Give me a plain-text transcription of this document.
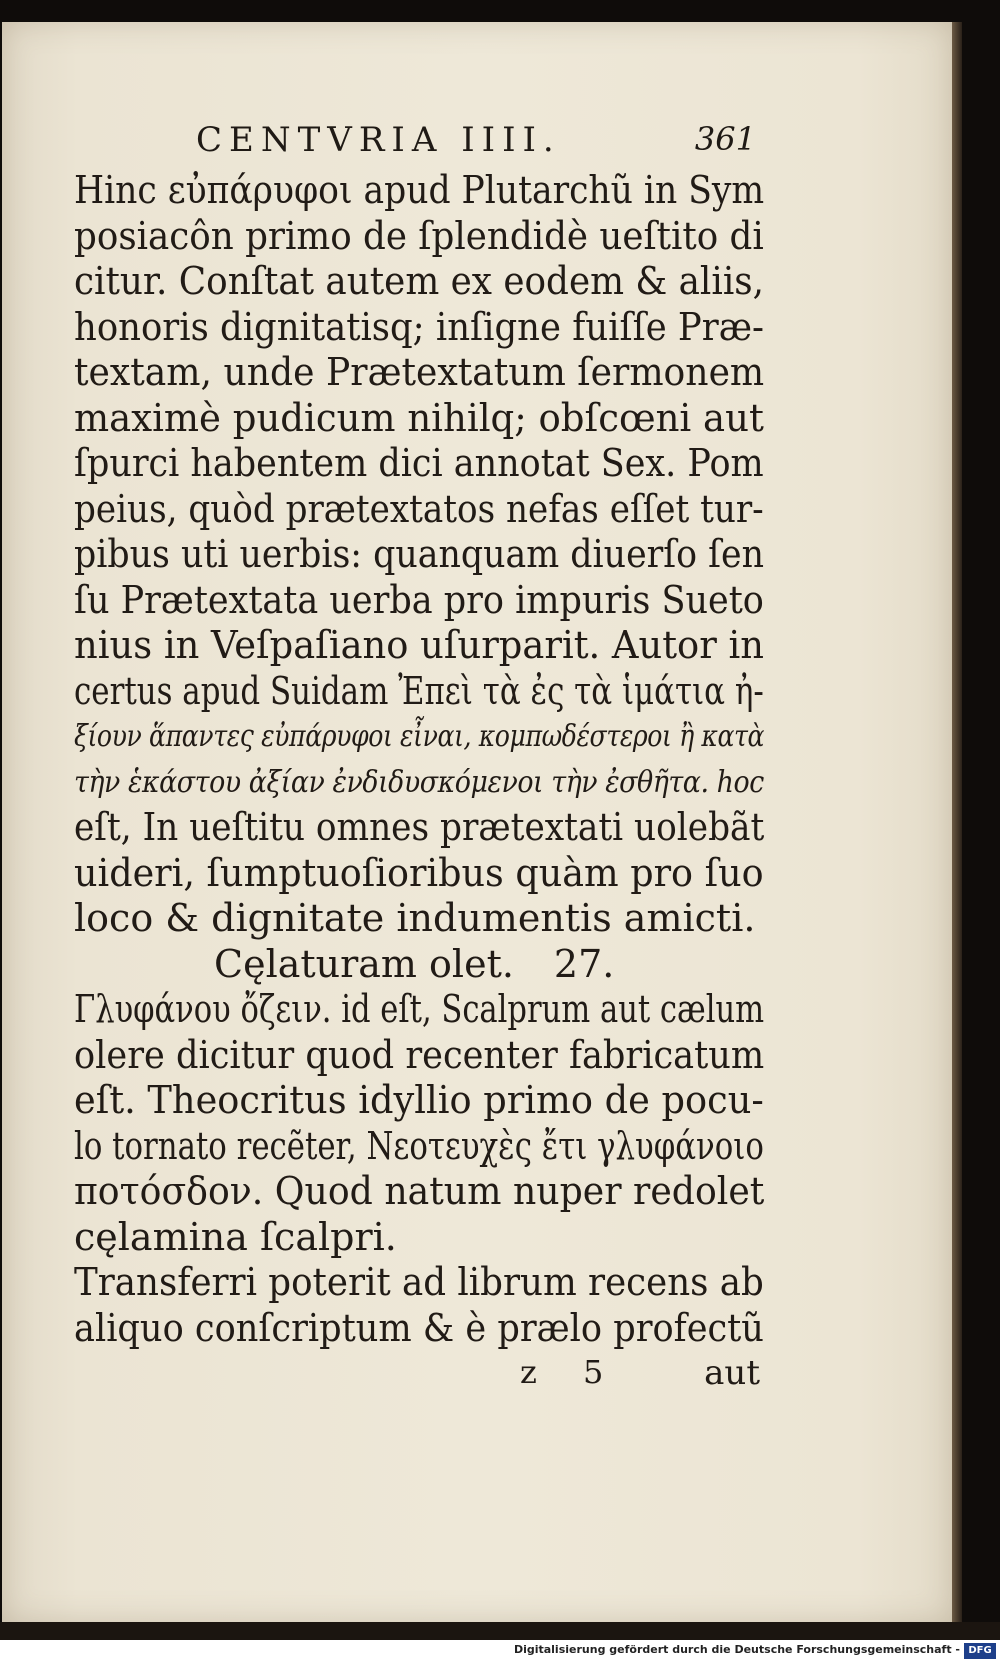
CENTVRIA IIII.	361
Hinc εὐπάρυφοι apud Plutarchũ in Sym
posiacôn primo de ſplendidè ueſtito di
citur. Conſtat autem ex eodem & aliis,
honoris dignitatisq; inſigne fuiſſe Præ-
textam, unde Prætextatum ſermonem
maximè pudicum nihilq; obſcœni aut
ſpurci habentem dici annotat Sex. Pom
peius, quòd prætextatos nefas eſſet tur-
pibus uti uerbis: quanquam diuerſo ſen
ſu Prætextata uerba pro impuris Sueto
nius in Veſpaſiano uſurparit. Autor in
certus apud Suidam Ἐπεὶ τὰ ἐς τὰ ἱμάτια ἠ-
ξίουν ἅπαντες εὐπάρυφοι εἶναι, κομπωδέστεροι ἢ κατὰ
τὴν ἑκάστου ἀξίαν ἐνδιδυσκόμενοι τὴν ἐσθῆτα. hoc
eſt, In ueſtitu omnes prætextati uolebãt
uideri, ſumptuoſioribus quàm pro ſuo
loco & dignitate indumentis amicti.
Cęlaturam olet. 27.
Γλυφάνου ὄζειν. id eſt, Scalprum aut cælum
olere dicitur quod recenter fabricatum
eſt. Theocritus idyllio primo de pocu-
lo tornato recẽter, Νεοτευχὲς ἔτι γλυφάνοιο
ποτόσδον. Quod natum nuper redolet
cęlamina ſcalpri.
Transferri poterit ad librum recens ab
aliquo conſcriptum & è prælo profectũ
z 5 aut
Digitalisierung gefördert durch die Deutsche Forschungsgemeinschaft - DFG
